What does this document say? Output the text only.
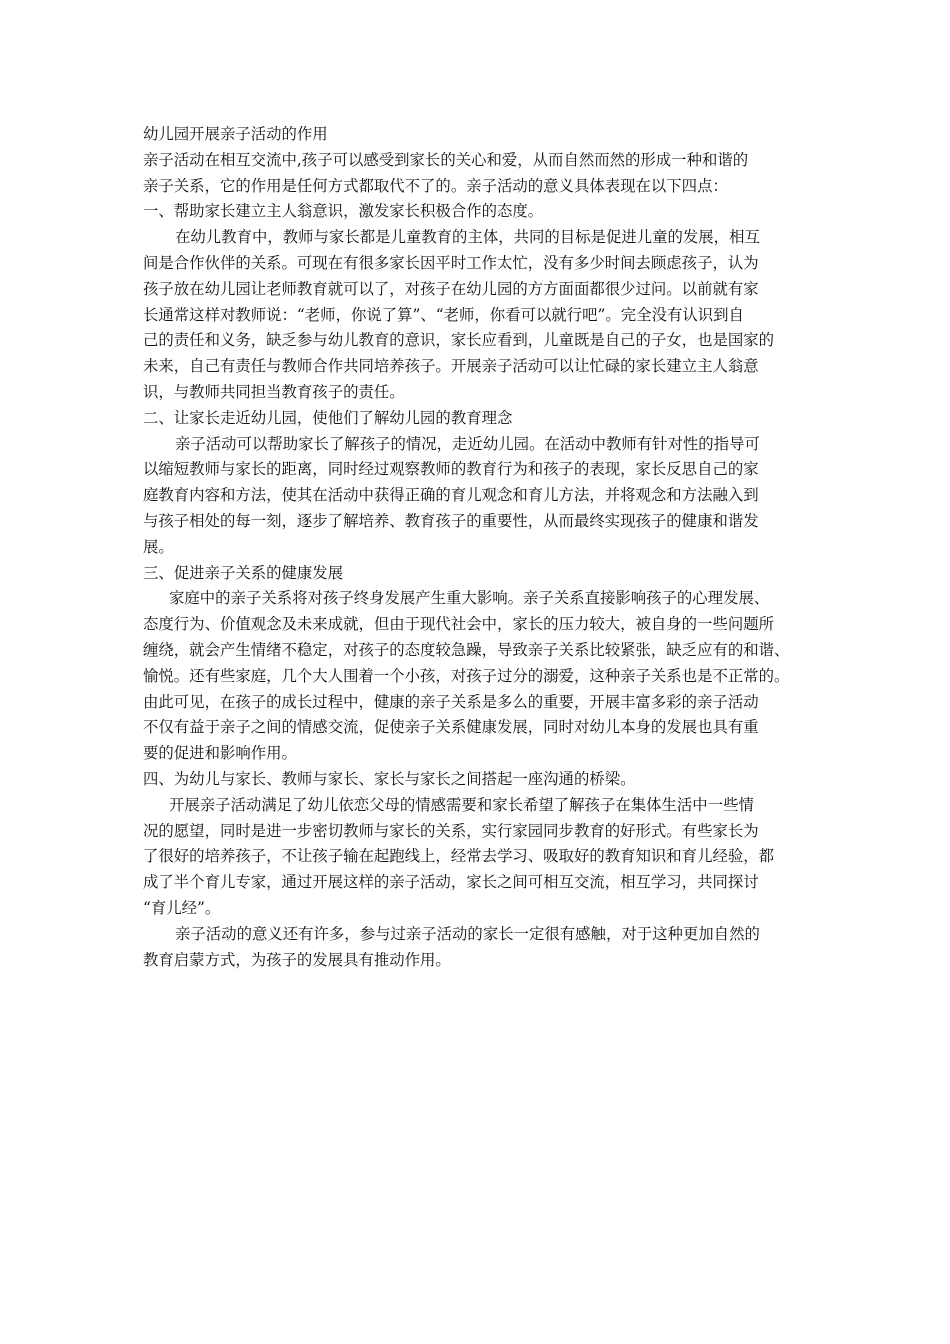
幼儿园开展亲子活动的作用
亲子活动在相互交流中,孩子可以感受到家长的关心和爱，从而自然而然的形成一种和谐的
亲子关系，它的作用是任何方式都取代不了的。亲子活动的意义具体表现在以下四点：
一、帮助家长建立主人翁意识，激发家长积极合作的态度。
在幼儿教育中，教师与家长都是儿童教育的主体，共同的目标是促进儿童的发展，相互
间是合作伙伴的关系。可现在有很多家长因平时工作太忙，没有多少时间去顾虑孩子，认为
孩子放在幼儿园让老师教育就可以了，对孩子在幼儿园的方方面面都很少过问。以前就有家
长通常这样对教师说：“老师，你说了算”、“老师，你看可以就行吧”。完全没有认识到自
己的责任和义务，缺乏参与幼儿教育的意识，家长应看到，儿童既是自己的子女，也是国家的
未来，自己有责任与教师合作共同培养孩子。开展亲子活动可以让忙碌的家长建立主人翁意
识，与教师共同担当教育孩子的责任。
二、让家长走近幼儿园，使他们了解幼儿园的教育理念
亲子活动可以帮助家长了解孩子的情况，走近幼儿园。在活动中教师有针对性的指导可
以缩短教师与家长的距离，同时经过观察教师的教育行为和孩子的表现，家长反思自己的家
庭教育内容和方法，使其在活动中获得正确的育儿观念和育儿方法，并将观念和方法融入到
与孩子相处的每一刻，逐步了解培养、教育孩子的重要性，从而最终实现孩子的健康和谐发
展。
三、促进亲子关系的健康发展
家庭中的亲子关系将对孩子终身发展产生重大影响。亲子关系直接影响孩子的心理发展、
态度行为、价值观念及未来成就，但由于现代社会中，家长的压力较大，被自身的一些问题所
缠绕，就会产生情绪不稳定，对孩子的态度较急躁，导致亲子关系比较紧张，缺乏应有的和谐、
愉悦。还有些家庭，几个大人围着一个小孩，对孩子过分的溺爱，这种亲子关系也是不正常的。
由此可见，在孩子的成长过程中，健康的亲子关系是多么的重要，开展丰富多彩的亲子活动
不仅有益于亲子之间的情感交流，促使亲子关系健康发展，同时对幼儿本身的发展也具有重
要的促进和影响作用。
四、为幼儿与家长、教师与家长、家长与家长之间搭起一座沟通的桥梁。
开展亲子活动满足了幼儿依恋父母的情感需要和家长希望了解孩子在集体生活中一些情
况的愿望，同时是进一步密切教师与家长的关系，实行家园同步教育的好形式。有些家长为
了很好的培养孩子，不让孩子输在起跑线上，经常去学习、吸取好的教育知识和育儿经验，都
成了半个育儿专家，通过开展这样的亲子活动，家长之间可相互交流，相互学习，共同探讨
“育儿经”。
亲子活动的意义还有许多，参与过亲子活动的家长一定很有感触，对于这种更加自然的
教育启蒙方式，为孩子的发展具有推动作用。
